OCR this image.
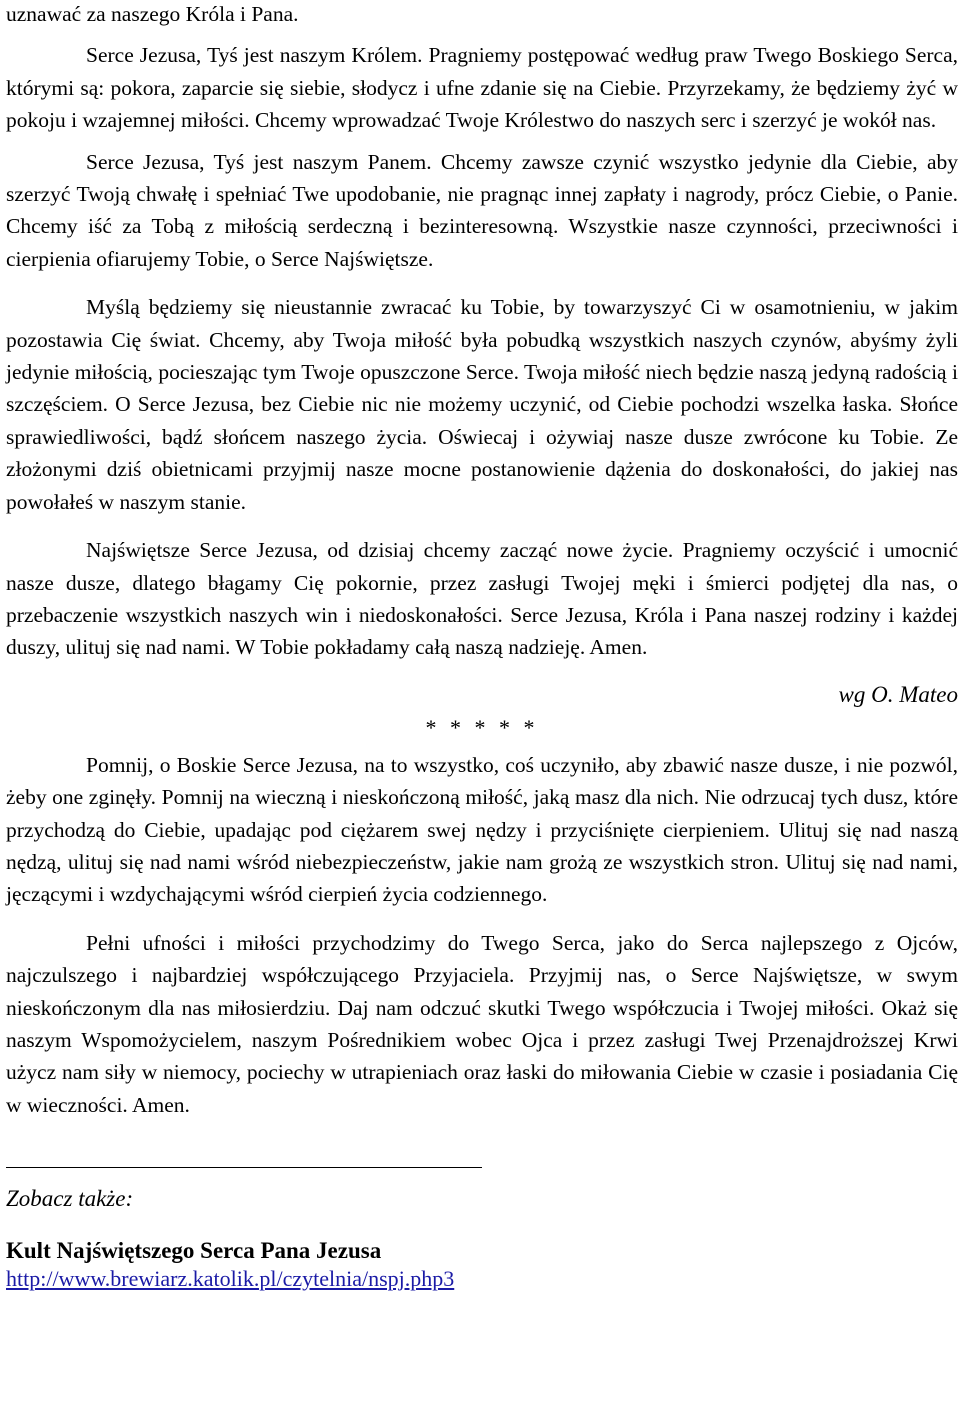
uznawać za naszego Króla i Pana.

Serce Jezusa, Tyś jest naszym Królem. Pragniemy postępować według praw Twego Boskiego Serca, którymi są: pokora, zaparcie się siebie, słodycz i ufne zdanie się na Ciebie. Przyrzekamy, że będziemy żyć w pokoju i wzajemnej miłości. Chcemy wprowadzać Twoje Królestwo do naszych serc i szerzyć je wokół nas.

Serce Jezusa, Tyś jest naszym Panem. Chcemy zawsze czynić wszystko jedynie dla Ciebie, aby szerzyć Twoją chwałę i spełniać Twe upodobanie, nie pragnąc innej zapłaty i nagrody, prócz Ciebie, o Panie. Chcemy iść za Tobą z miłością serdeczną i bezinteresowną. Wszystkie nasze czynności, przeciwności i cierpienia ofiarujemy Tobie, o Serce Najświętsze.

Myślą będziemy się nieustannie zwracać ku Tobie, by towarzyszyć Ci w osamotnieniu, w jakim pozostawia Cię świat. Chcemy, aby Twoja miłość była pobudką wszystkich naszych czynów, abyśmy żyli jedynie miłością, pocieszając tym Twoje opuszczone Serce. Twoja miłość niech będzie naszą jedyną radością i szczęściem. O Serce Jezusa, bez Ciebie nic nie możemy uczynić, od Ciebie pochodzi wszelka łaska. Słońce sprawiedliwości, bądź słońcem naszego życia. Oświecaj i ożywiaj nasze dusze zwrócone ku Tobie. Ze złożonymi dziś obietnicami przyjmij nasze mocne postanowienie dążenia do doskonałości, do jakiej nas powołałeś w naszym stanie.

Najświętsze Serce Jezusa, od dzisiaj chcemy zacząć nowe życie. Pragniemy oczyścić i umocnić nasze dusze, dlatego błagamy Cię pokornie, przez zasługi Twojej męki i śmierci podjętej dla nas, o przebaczenie wszystkich naszych win i niedoskonałości. Serce Jezusa, Króla i Pana naszej rodziny i każdej duszy, ulituj się nad nami. W Tobie pokładamy całą naszą nadzieję. Amen.

wg O. Mateo
* * * * *

Pomnij, o Boskie Serce Jezusa, na to wszystko, coś uczyniło, aby zbawić nasze dusze, i nie pozwól, żeby one zginęły. Pomnij na wieczną i nieskończoną miłość, jaką masz dla nich. Nie odrzucaj tych dusz, które przychodzą do Ciebie, upadając pod ciężarem swej nędzy i przyciśnięte cierpieniem. Ulituj się nad naszą nędzą, ulituj się nad nami wśród niebezpieczeństw, jakie nam grożą ze wszystkich stron. Ulituj się nad nami, jęczącymi i wzdychającymi wśród cierpień życia codziennego.

Pełni ufności i miłości przychodzimy do Twego Serca, jako do Serca najlepszego z Ojców, najczulszego i najbardziej współczującego Przyjaciela. Przyjmij nas, o Serce Najświętsze, w swym nieskończonym dla nas miłosierdziu. Daj nam odczuć skutki Twego współczucia i Twojej miłości. Okaż się naszym Wspomożycielem, naszym Pośrednikiem wobec Ojca i przez zasługi Twej Przenajdroższej Krwi użycz nam siły w niemocy, pociechy w utrapieniach oraz łaski do miłowania Ciebie w czasie i posiadania Cię w wieczności. Amen.

Zobacz także:
Kult Najświętszego Serca Pana Jezusa
http://www.brewiarz.katolik.pl/czytelnia/nspj.php3
